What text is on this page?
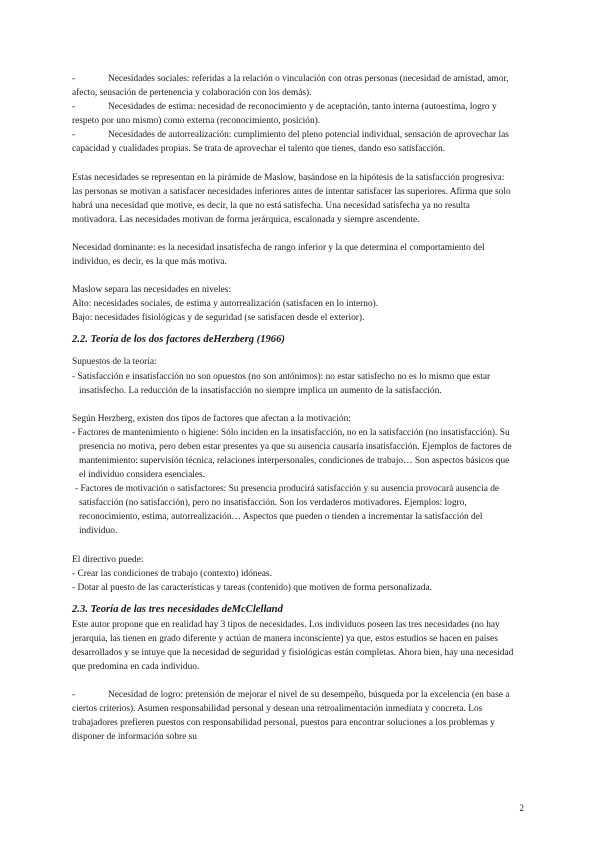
-	Necesidades sociales: referidas a la relación o vinculación con otras personas (necesidad de amistad, amor, afecto, sensación de pertenencia y colaboración con los demás).
-	Necesidades de estima: necesidad de reconocimiento y de aceptación, tanto interna (autoestima, logro y respeto por uno mismo) como externa (reconocimiento, posición).
-	Necesidades de autorrealización: cumplimiento del pleno potencial individual, sensación de aprovechar las capacidad y cualidades propias. Se trata de aprovechar el talento que tienes, dando eso satisfacción.

Estas necesidades se representan en la pirámide de Maslow, basándose en la hipótesis de la satisfacción progresiva: las personas se motivan a satisfacer necesidades inferiores antes de intentar satisfacer las superiores. Afirma que solo habrá una necesidad que motive, es decir, la que no está satisfecha. Una necesidad satisfecha ya no resulta motivadora. Las necesidades motivan de forma jerárquica, escalonada y siempre ascendente.

Necesidad dominante: es la necesidad insatisfecha de rango inferior y la que determina el comportamiento del individuo, es decir, es la que más motiva.

Maslow separa las necesidades en niveles:

Alto: necesidades sociales, de estima y autorrealización (satisfacen en lo interno).

Bajo: necesidades fisiológicas y de seguridad (se satisfacen desde el exterior).

2.2. Teoría de los dos factores deHerzberg (1966)

Supuestos de la teoría:

- Satisfacción e insatisfacción no son opuestos (no son antónimos): no estar satisfecho no es lo mismo que estar insatisfecho. La reducción de la insatisfacción no siempre implica un aumento de la satisfacción.

Según Herzberg, existen dos tipos de factores que afectan a la motivación:

- Factores de mantenimiento o higiene: Sólo inciden en la insatisfacción, no en la satisfacción (no insatisfacción). Su presencia no motiva, pero deben estar presentes ya que su ausencia causaría insatisfacción. Ejemplos de factores de mantenimiento: supervisión técnica, relaciones interpersonales, condiciones de trabajo… Son aspectos básicos que el individuo considera esenciales.

- Factores de motivación o satisfactores: Su presencia producirá satisfacción y su ausencia provocará ausencia de satisfacción (no satisfacción), pero no insatisfacción. Son los verdaderos motivadores. Ejemplos: logro, reconocimiento, estima, autorrealización… Aspectos que pueden o tienden a incrementar la satisfacción del individuo.

El directivo puede:

- Crear las condiciones de trabajo (contexto) idóneas.

- Dotar al puesto de las características y tareas (contenido) que motiven de forma personalizada.

2.3. Teoría de las tres necesidades deMcClelland

Este autor propone que en realidad hay 3 tipos de necesidades. Los individuos poseen las tres necesidades (no hay jerarquía, las tienen en grado diferente y actúan de manera inconsciente) ya que, estos estudios se hacen en países desarrollados y se intuye que la necesidad de seguridad y fisiológicas están completas. Ahora bien, hay una necesidad que predomina en cada individuo.

-	Necesidad de logro: pretensión de mejorar el nivel de su desempeño, búsqueda por la excelencia (en base a ciertos criterios). Asumen responsabilidad personal y desean una retroalimentación inmediata y concreta. Los trabajadores prefieren puestos con responsabilidad personal, puestos para encontrar soluciones a los problemas y disponer de información sobre su
2
